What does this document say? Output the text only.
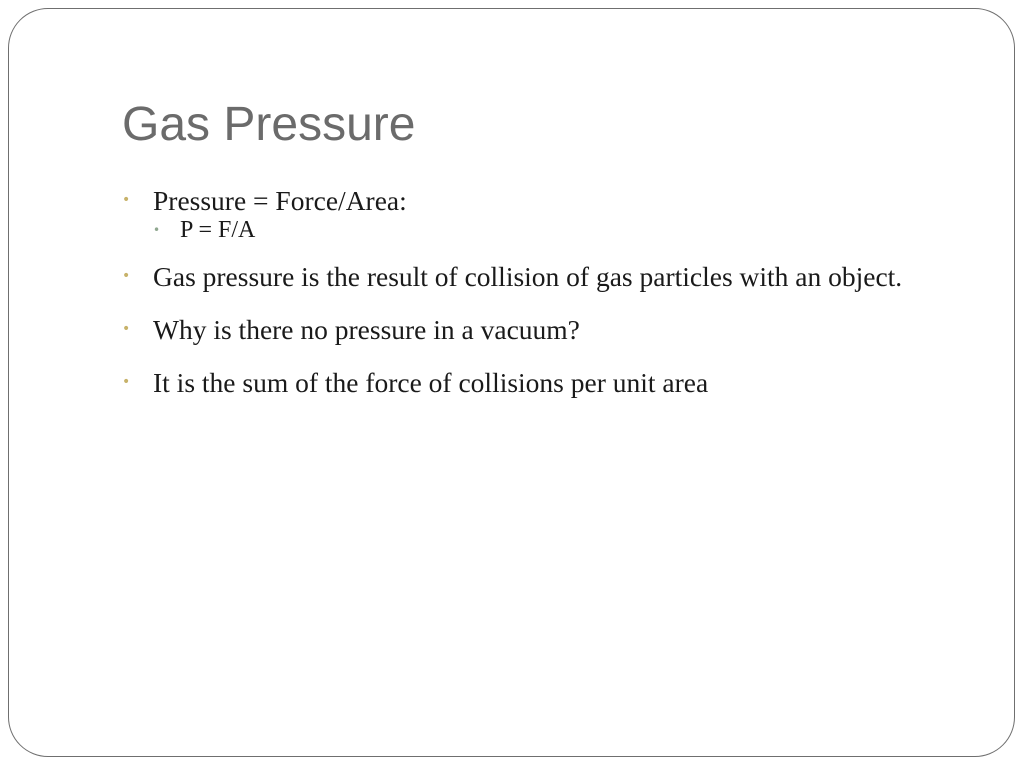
Gas Pressure
• Pressure = Force/Area:
• P = F/A
• Gas pressure is the result of collision of gas particles with an object.
• Why is there no pressure in a vacuum?
• It is the sum of the force of collisions per unit area
